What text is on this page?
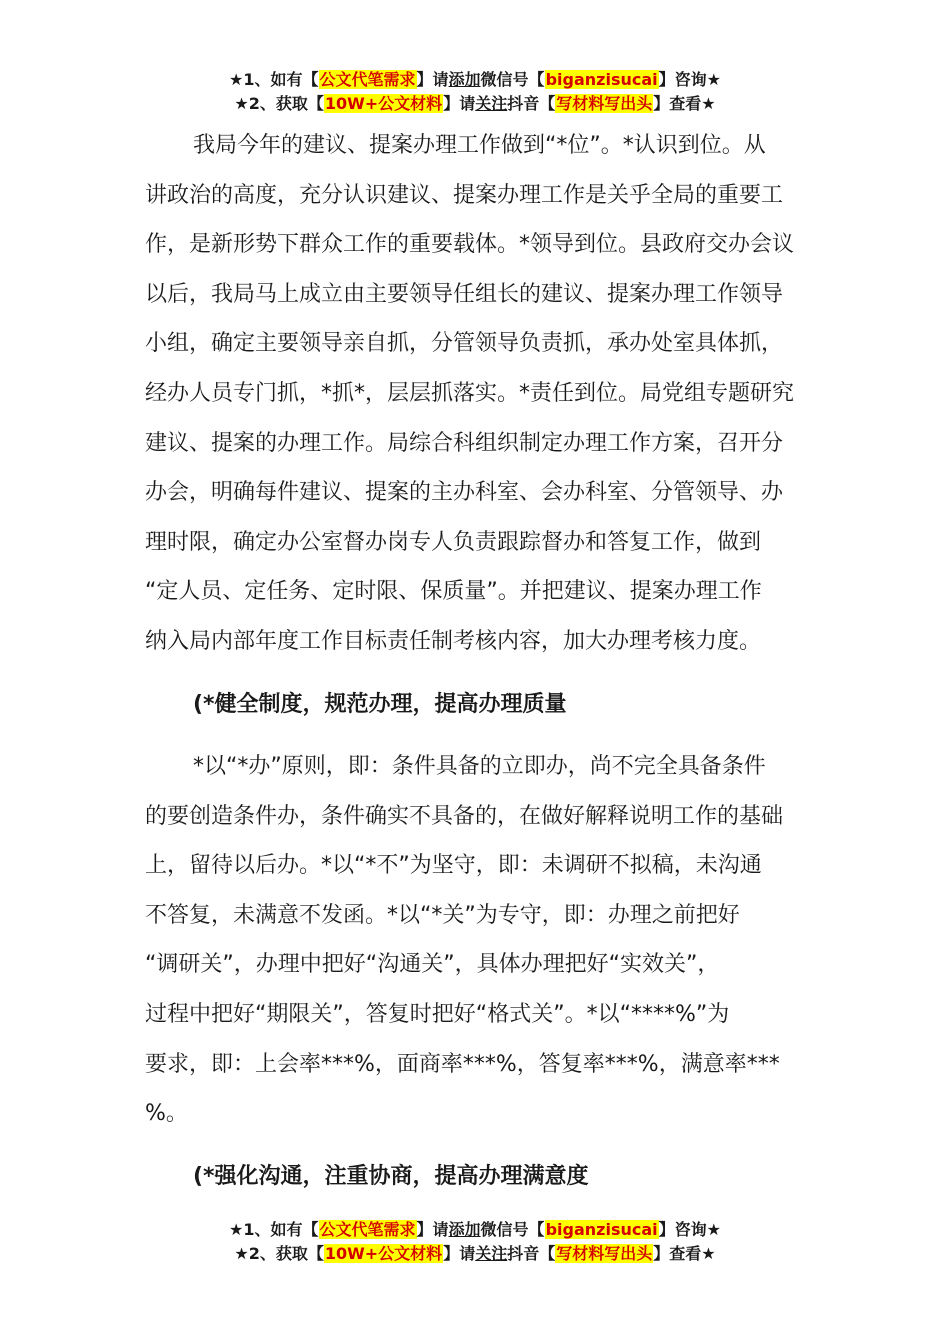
★1、如有【公文代笔需求】请添加微信号【biganzisucai】咨询★
★2、获取【10W+公文材料】请关注抖音【写材料写出头】查看★
我局今年的建议、提案办理工作做到“*位”。*认识到位。从
讲政治的高度，充分认识建议、提案办理工作是关乎全局的重要工
作，是新形势下群众工作的重要载体。*领导到位。县政府交办会议
以后，我局马上成立由主要领导任组长的建议、提案办理工作领导
小组，确定主要领导亲自抓，分管领导负责抓，承办处室具体抓，
经办人员专门抓，*抓*，层层抓落实。*责任到位。局党组专题研究
建议、提案的办理工作。局综合科组织制定办理工作方案，召开分
办会，明确每件建议、提案的主办科室、会办科室、分管领导、办
理时限，确定办公室督办岗专人负责跟踪督办和答复工作，做到
“定人员、定任务、定时限、保质量”。并把建议、提案办理工作
纳入局内部年度工作目标责任制考核内容，加大办理考核力度。
(*健全制度，规范办理，提高办理质量
*以“*办”原则，即：条件具备的立即办，尚不完全具备条件
的要创造条件办，条件确实不具备的，在做好解释说明工作的基础
上，留待以后办。*以“*不”为坚守，即：未调研不拟稿，未沟通
不答复，未满意不发函。*以“*关”为专守，即：办理之前把好
“调研关”，办理中把好“沟通关”，具体办理把好“实效关”，
过程中把好“期限关”，答复时把好“格式关”。*以“****%”为
要求，即：上会率***%，面商率***%，答复率***%，满意率***
%。
(*强化沟通，注重协商，提高办理满意度
★1、如有【公文代笔需求】请添加微信号【biganzisucai】咨询★
★2、获取【10W+公文材料】请关注抖音【写材料写出头】查看★
